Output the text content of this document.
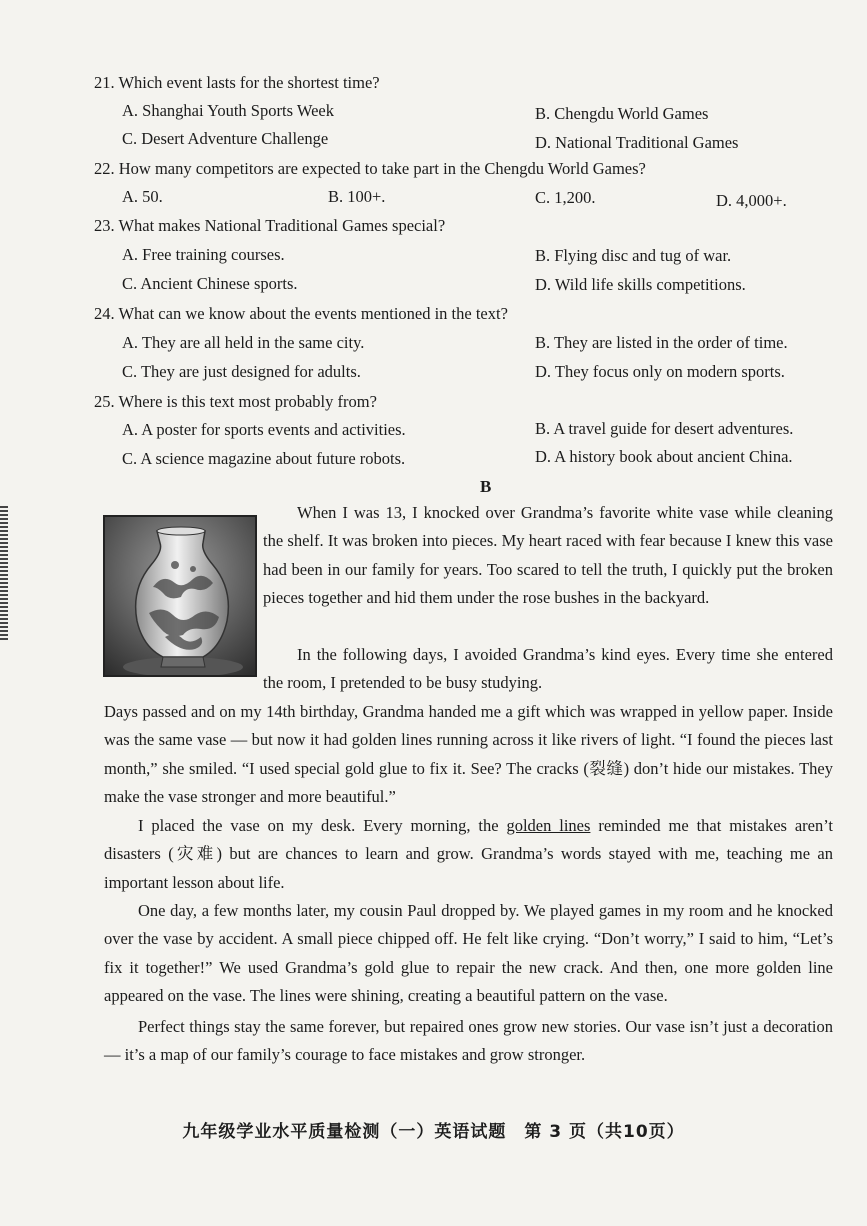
21. Which event lasts for the shortest time?
A. Shanghai Youth Sports Week	B. Chengdu World Games
C. Desert Adventure Challenge	D. National Traditional Games
22. How many competitors are expected to take part in the Chengdu World Games?
A. 50.	B. 100+.	C. 1,200.	D. 4,000+.
23. What makes National Traditional Games special?
A. Free training courses.	B. Flying disc and tug of war.
C. Ancient Chinese sports.	D. Wild life skills competitions.
24. What can we know about the events mentioned in the text?
A. They are all held in the same city.	B. They are listed in the order of time.
C. They are just designed for adults.	D. They focus only on modern sports.
25. Where is this text most probably from?
A. A poster for sports events and activities.	B. A travel guide for desert adventures.
C. A science magazine about future robots.	D. A history book about ancient China.
B
When I was 13, I knocked over Grandma’s favorite white vase while cleaning the shelf. It was broken into pieces. My heart raced with fear because I knew this vase had been in our family for years. Too scared to tell the truth, I quickly put the broken pieces together and hid them under the rose bushes in the backyard.
In the following days, I avoided Grandma’s kind eyes. Every time she entered the room, I pretended to be busy studying.
Days passed and on my 14th birthday, Grandma handed me a gift which was wrapped in yellow paper. Inside was the same vase — but now it had golden lines running across it like rivers of light. “I found the pieces last month,” she smiled. “I used special gold glue to fix it. See? The cracks (裂缝) don’t hide our mistakes. They make the vase stronger and more beautiful.”
I placed the vase on my desk. Every morning, the golden lines reminded me that mistakes aren’t disasters (灾难) but are chances to learn and grow. Grandma’s words stayed with me, teaching me an important lesson about life.
One day, a few months later, my cousin Paul dropped by. We played games in my room and he knocked over the vase by accident. A small piece chipped off. He felt like crying. “Don’t worry,” I said to him, “Let’s fix it together!” We used Grandma’s gold glue to repair the new crack. And then, one more golden line appeared on the vase. The lines were shining, creating a beautiful pattern on the vase.
Perfect things stay the same forever, but repaired ones grow new stories. Our vase isn’t just a decoration — it’s a map of our family’s courage to face mistakes and grow stronger.
九年级学业水平质量检测（一）英语试题　第 3 页（共10页）
